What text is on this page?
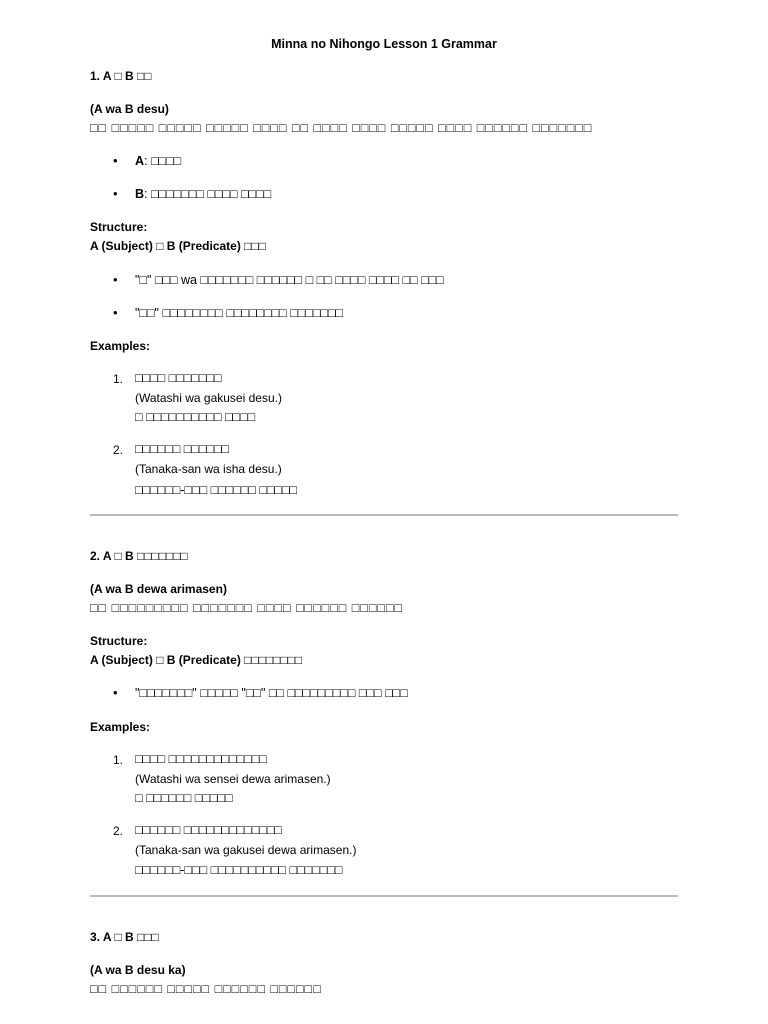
Minna no Nihongo Lesson 1 Grammar
1. A □ B □□
(A wa B desu)
□□ □□□□□ □□□□□ □□□□□ □□□□ □□ □□□□ □□□□ □□□□□ □□□□ □□□□□□ □□□□□□□
• A: □□□□
• B: □□□□□□□ □□□□ □□□□
Structure:
A (Subject) □ B (Predicate) □□□
• "□" □□□ wa □□□□□□□ □□□□□□ □ □□ □□□□ □□□□ □□ □□□
• "□□" □□□□□□□□ □□□□□□□□ □□□□□□□
Examples:
1. □□□□ □□□□□□□
(Watashi wa gakusei desu.)
□ □□□□□□□□□□ □□□□
2. □□□□□□ □□□□□□
(Tanaka-san wa isha desu.)
□□□□□□-□□□ □□□□□□ □□□□□
2. A □ B □□□□□□□
(A wa B dewa arimasen)
□□ □□□□□□□□□ □□□□□□□ □□□□ □□□□□□ □□□□□□
Structure:
A (Subject) □ B (Predicate) □□□□□□□□
• "□□□□□□□" □□□□□ "□□" □□ □□□□□□□□□ □□□ □□□
Examples:
1. □□□□ □□□□□□□□□□□□□
(Watashi wa sensei dewa arimasen.)
□ □□□□□□ □□□□□
2. □□□□□□ □□□□□□□□□□□□□
(Tanaka-san wa gakusei dewa arimasen.)
□□□□□□-□□□ □□□□□□□□□□ □□□□□□□
3. A □ B □□□
(A wa B desu ka)
□□ □□□□□□ □□□□□ □□□□□□ □□□□□□
